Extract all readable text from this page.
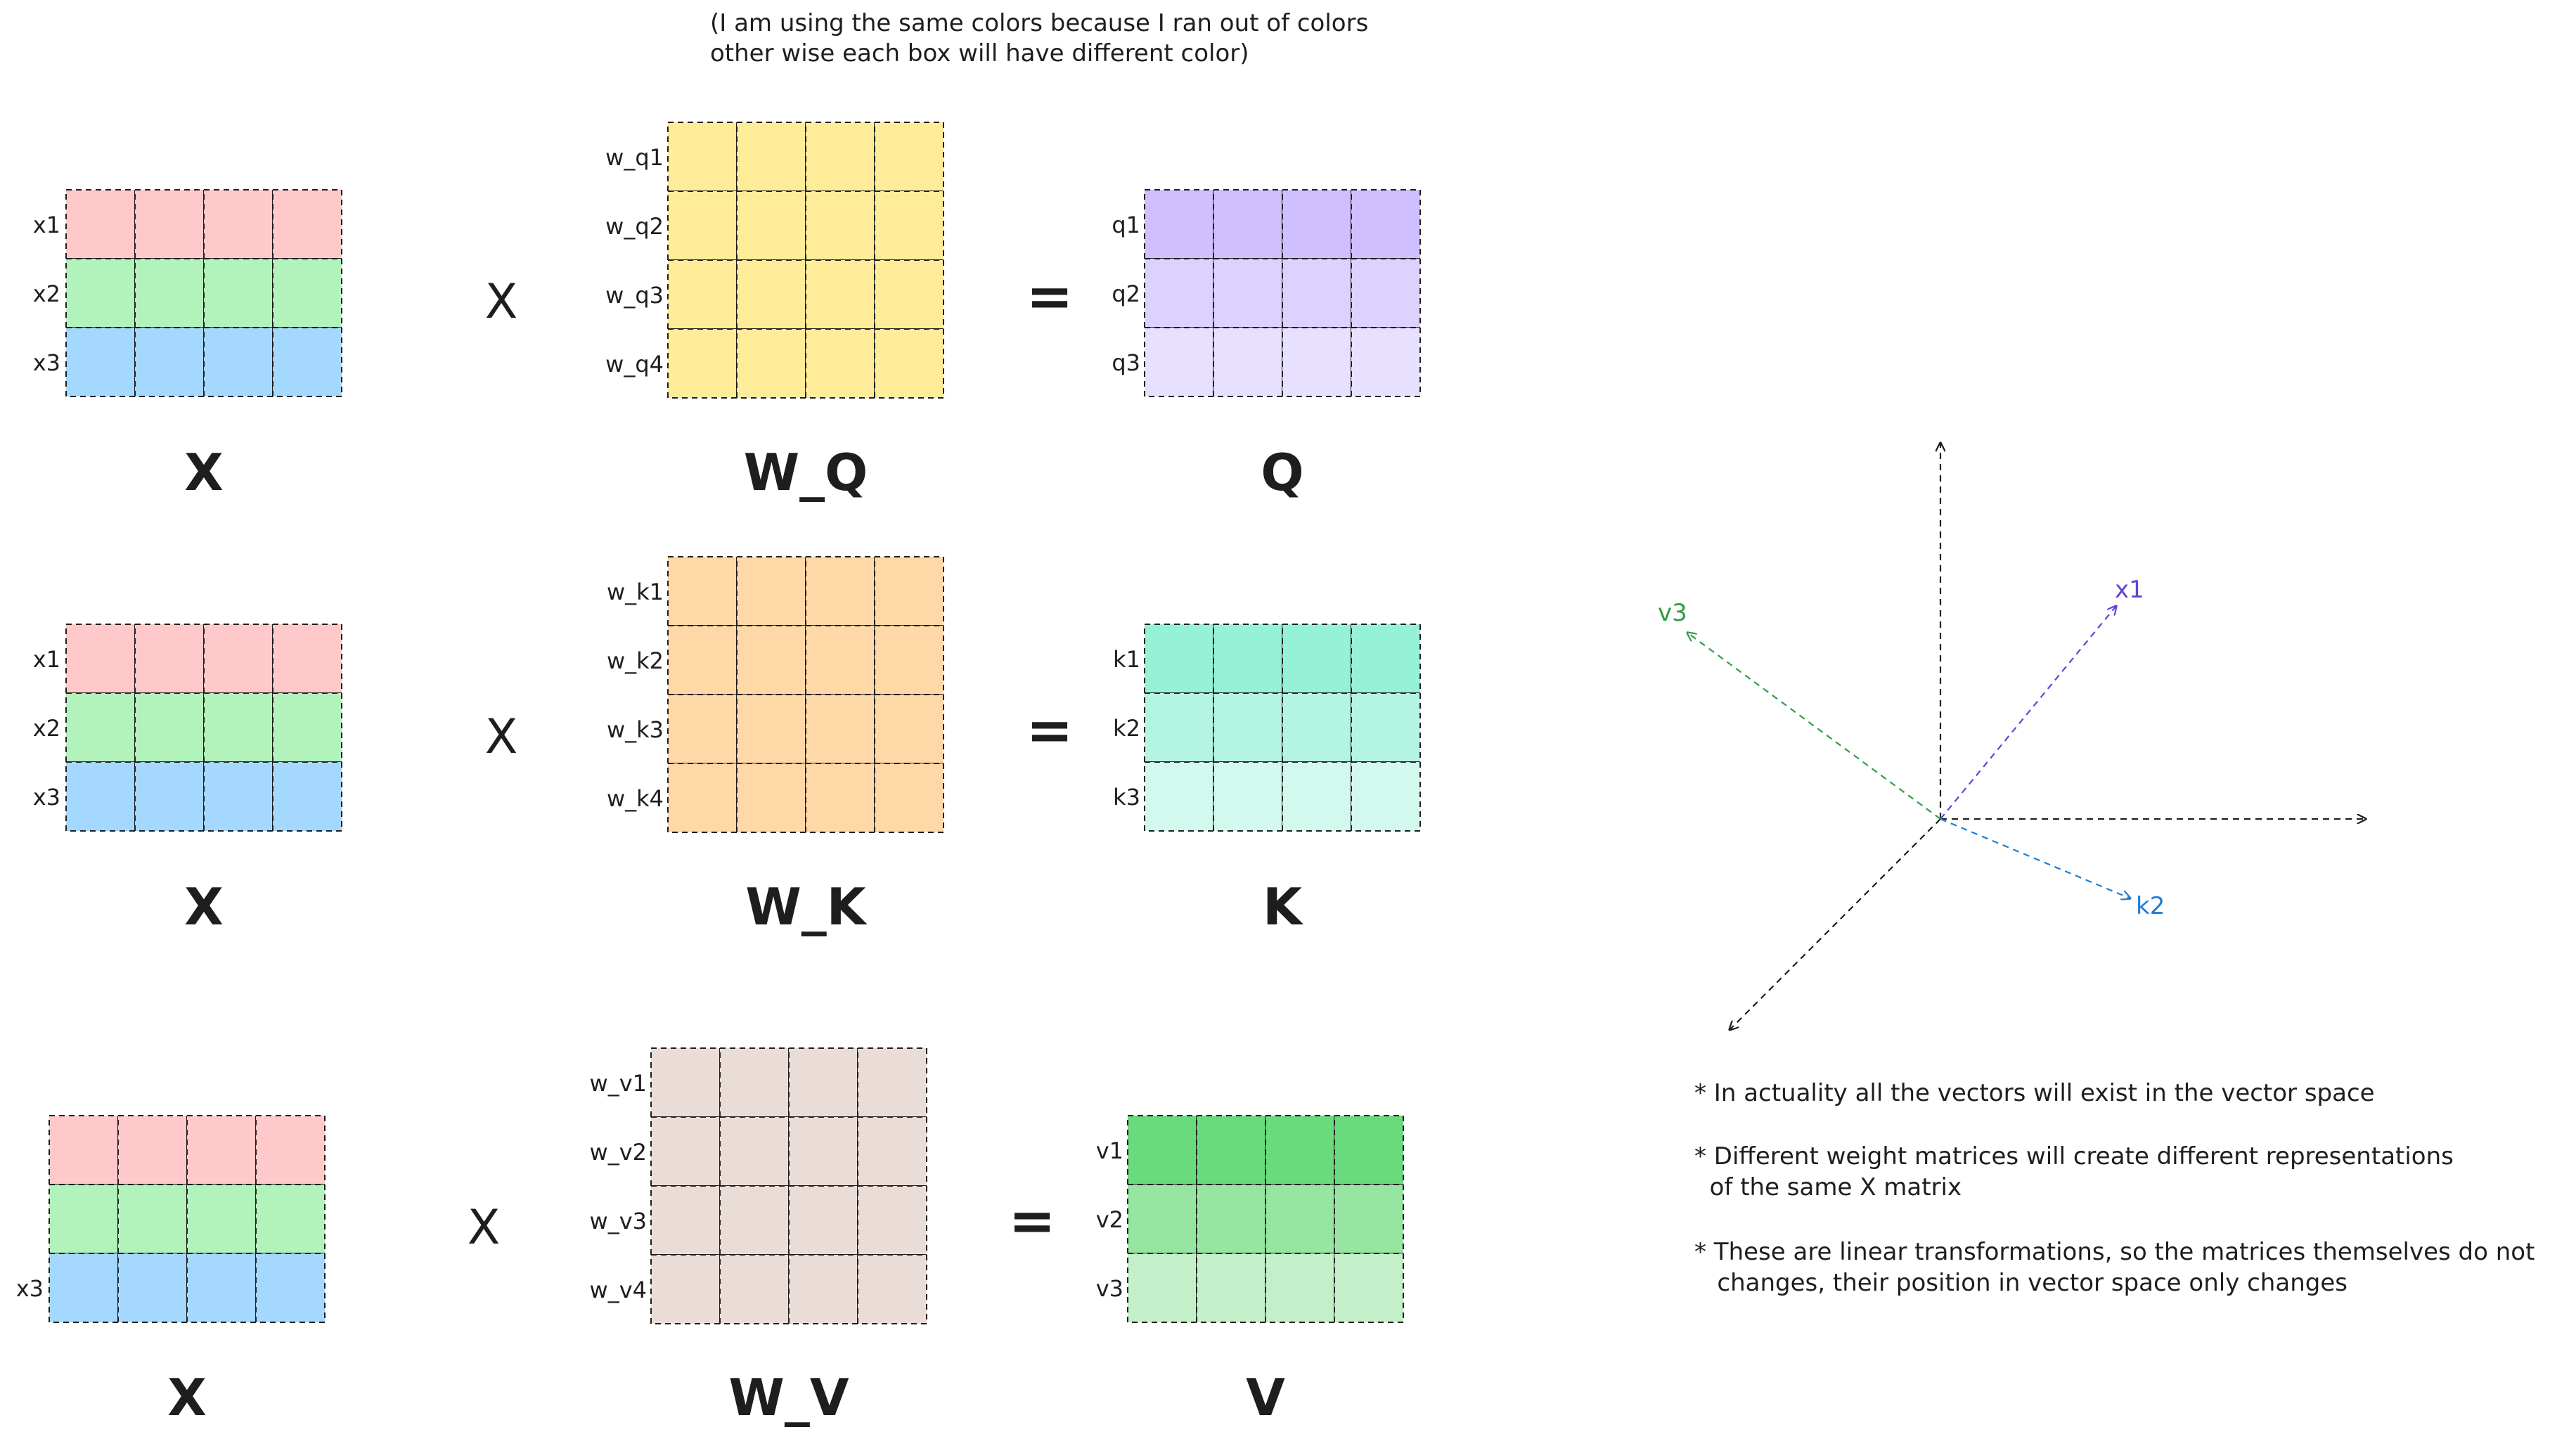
(I am using the same colors because I ran out of colors
other wise each box will have different color)
x1
x2
x3
X
X
w_q1
w_q2
w_q3
w_q4
W_Q
=
q1
q2
q3
Q
x1
x2
x3
X
X
w_k1
w_k2
w_k3
w_k4
W_K
=
k1
k2
k3
K
x3
X
X
w_v1
w_v2
w_v3
w_v4
W_V
=
v1
v2
v3
V
x1
v3
k2
* In actuality all the vectors will exist in the vector space
* Different weight matrices will create different representations
of the same X matrix
* These are linear transformations, so the matrices themselves do not
changes, their position in vector space only changes
